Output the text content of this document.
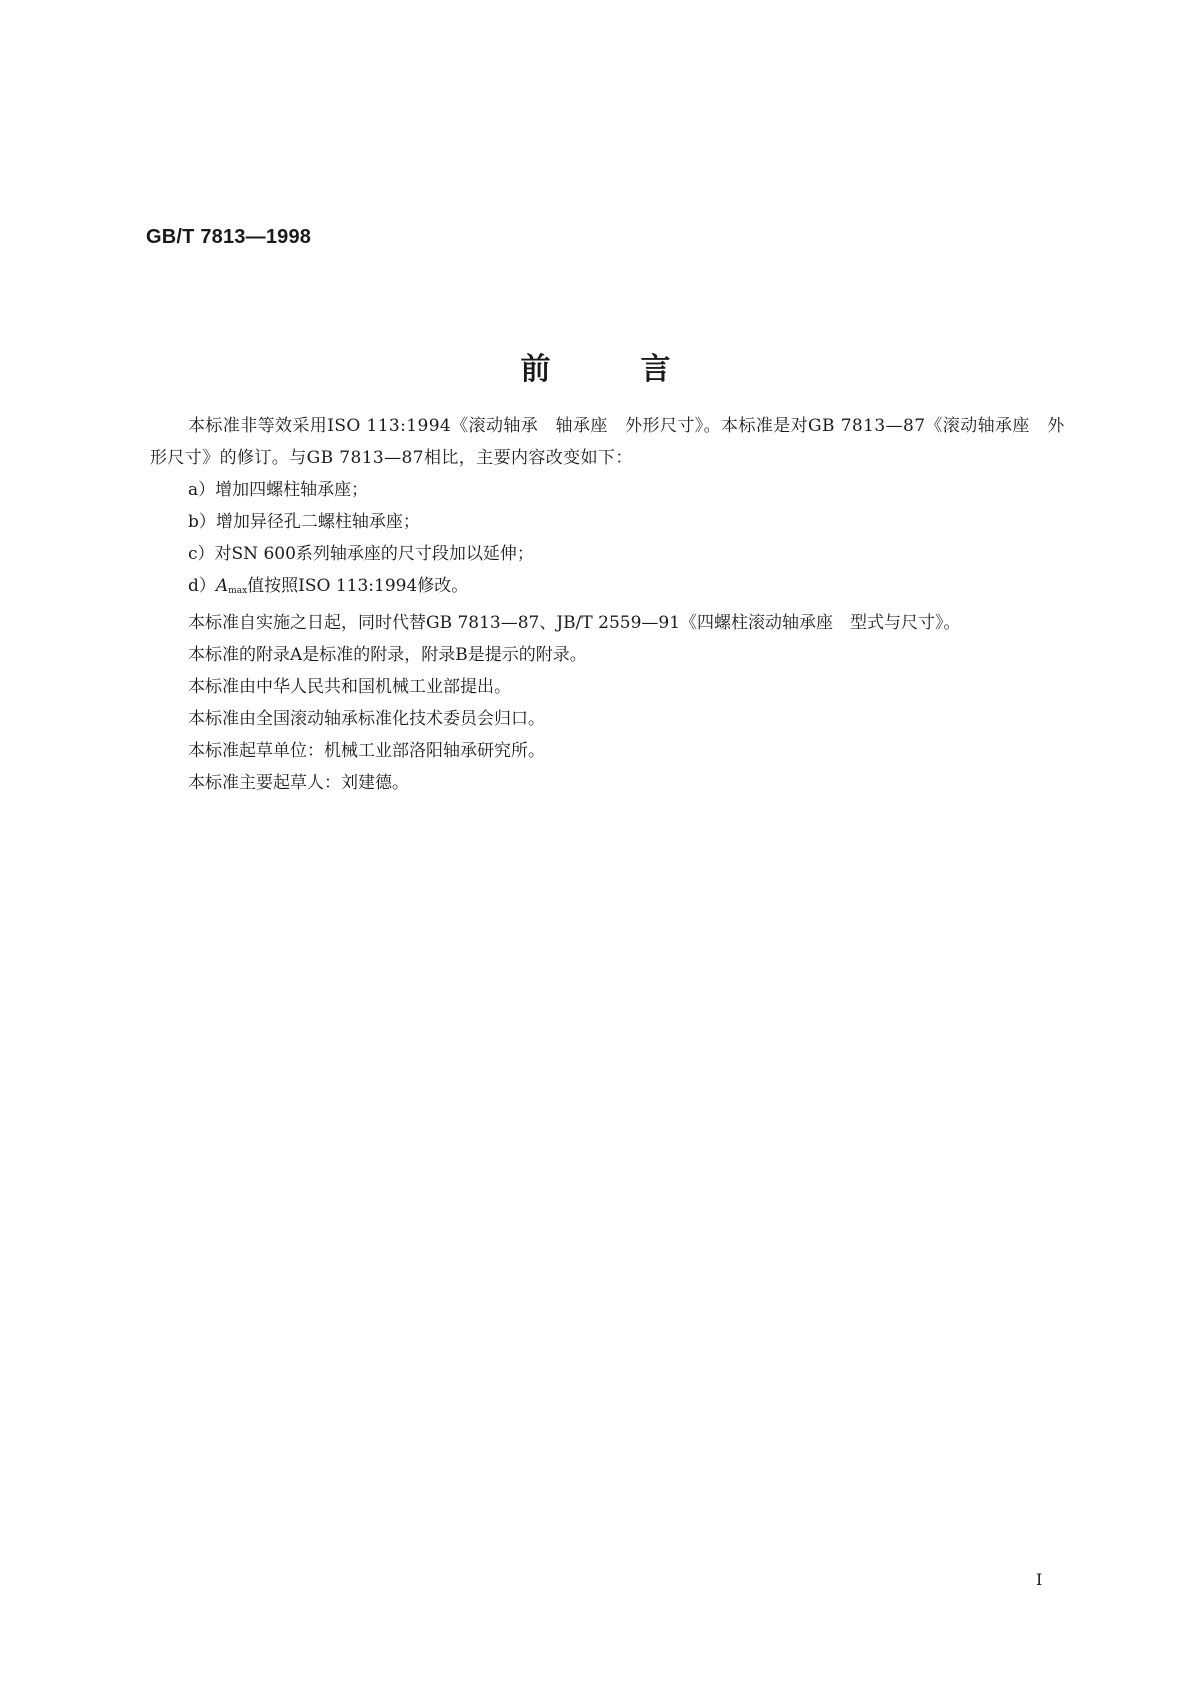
GB/T 7813—1998
前言

本标准非等效采用ISO 113:1994《滚动轴承　轴承座　外形尺寸》。本标准是对GB 7813—87《滚动轴承座　外形尺寸》的修订。与GB 7813—87相比，主要内容改变如下：

a）增加四螺柱轴承座；

b）增加异径孔二螺柱轴承座；

c）对SN 600系列轴承座的尺寸段加以延伸；

$d)A_{max}$值按照ISO 113:1994修改。

本标准自实施之日起，同时代替GB 7813—87、JB/T 2559—91《四螺柱滚动轴承座　型式与尺寸》。

本标准的附录A是标准的附录，附录B是提示的附录。

本标准由中华人民共和国机械工业部提出。

本标准由全国滚动轴承标准化技术委员会归口。

本标准起草单位：机械工业部洛阳轴承研究所。

本标准主要起草人：刘建德。

I
